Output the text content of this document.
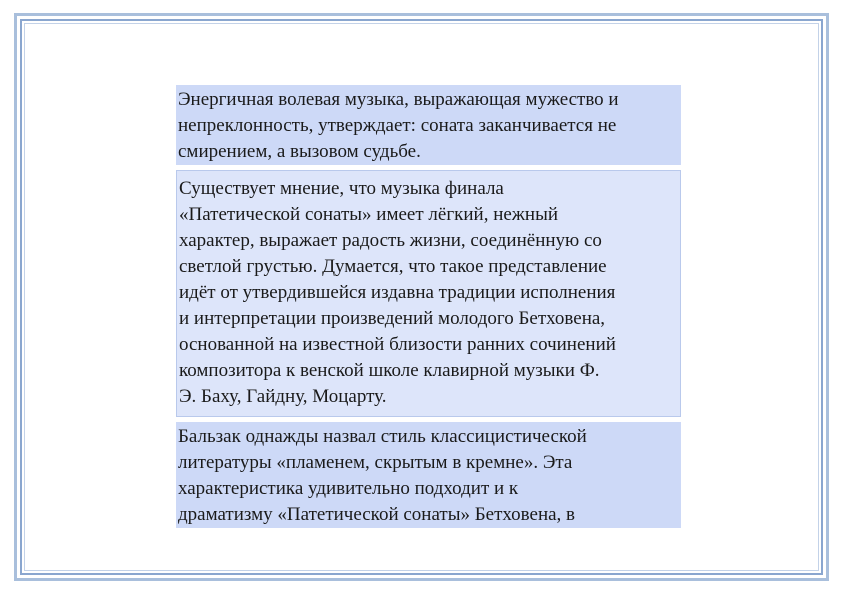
Энергичная волевая музыка, выражающая мужество и
непреклонность, утверждает: соната заканчивается не
смирением, а вызовом судьбе.
Существует мнение, что музыка финала
«Патетической сонаты» имеет лёгкий, нежный
характер, выражает радость жизни, соединённую со
светлой грустью. Думается, что такое представление
идёт от утвердившейся издавна традиции исполнения
и интерпретации произведений молодого Бетховена,
основанной на известной близости ранних сочинений
композитора к венской школе клавирной музыки Ф.
Э. Баху, Гайдну, Моцарту.
Бальзак однажды назвал стиль классицистической
литературы «пламенем, скрытым в кремне». Эта
характеристика удивительно подходит и к
драматизму «Патетической сонаты» Бетховена, в
